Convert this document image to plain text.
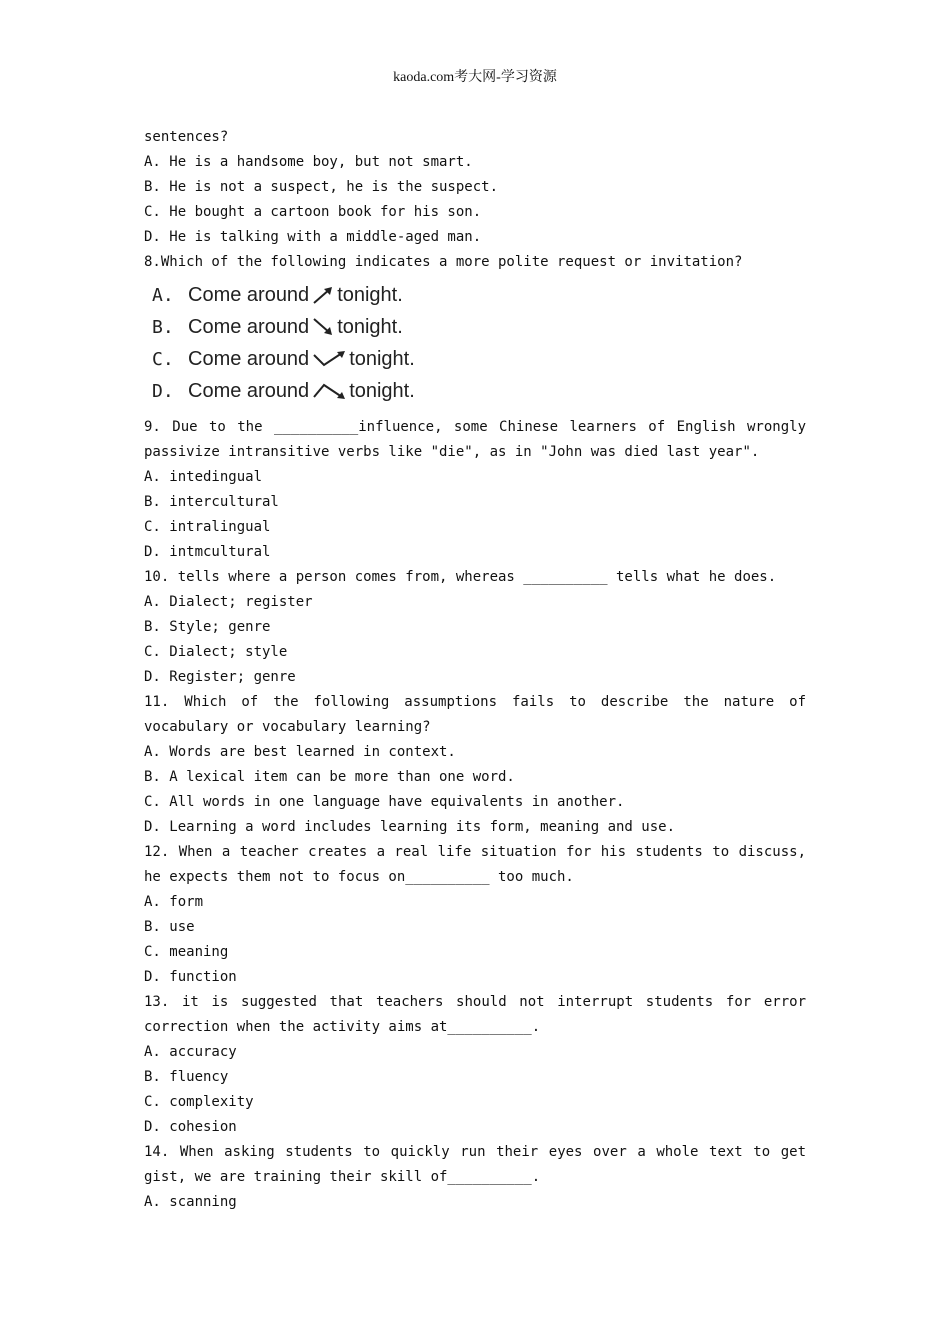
kaoda.com考大网-学习资源
sentences?
A. He is a handsome boy, but not smart.
B. He is not a suspect, he is the suspect.
C. He bought a cartoon book for his son.
D. He is talking with a middle-aged man.
8.Which of the following indicates a more polite request or invitation?
A. Come around tonight.
B. Come around tonight.
C. Come around tonight.
D. Come around tonight.
9. Due to the __________influence, some Chinese learners of English wrongly
passivize intransitive verbs like "die", as in "John was died last year".
A. intedingual
B. intercultural
C. intralingual
D. intmcultural
10. tells where a person comes from, whereas __________ tells what he does.
A. Dialect; register
B. Style; genre
C. Dialect; style
D. Register; genre
11. Which of the following assumptions fails to describe the nature of
vocabulary or vocabulary learning?
A. Words are best learned in context.
B. A lexical item can be more than one word.
C. All words in one language have equivalents in another.
D. Learning a word includes learning its form, meaning and use.
12. When a teacher creates a real life situation for his students to discuss,
he expects them not to focus on__________ too much.
A. form
B. use
C. meaning
D. function
13. it is suggested that teachers should not interrupt students for error
correction when the activity aims at__________.
A. accuracy
B. fluency
C. complexity
D. cohesion
14. When asking students to quickly run their eyes over a whole text to get
gist, we are training their skill of__________.
A. scanning
